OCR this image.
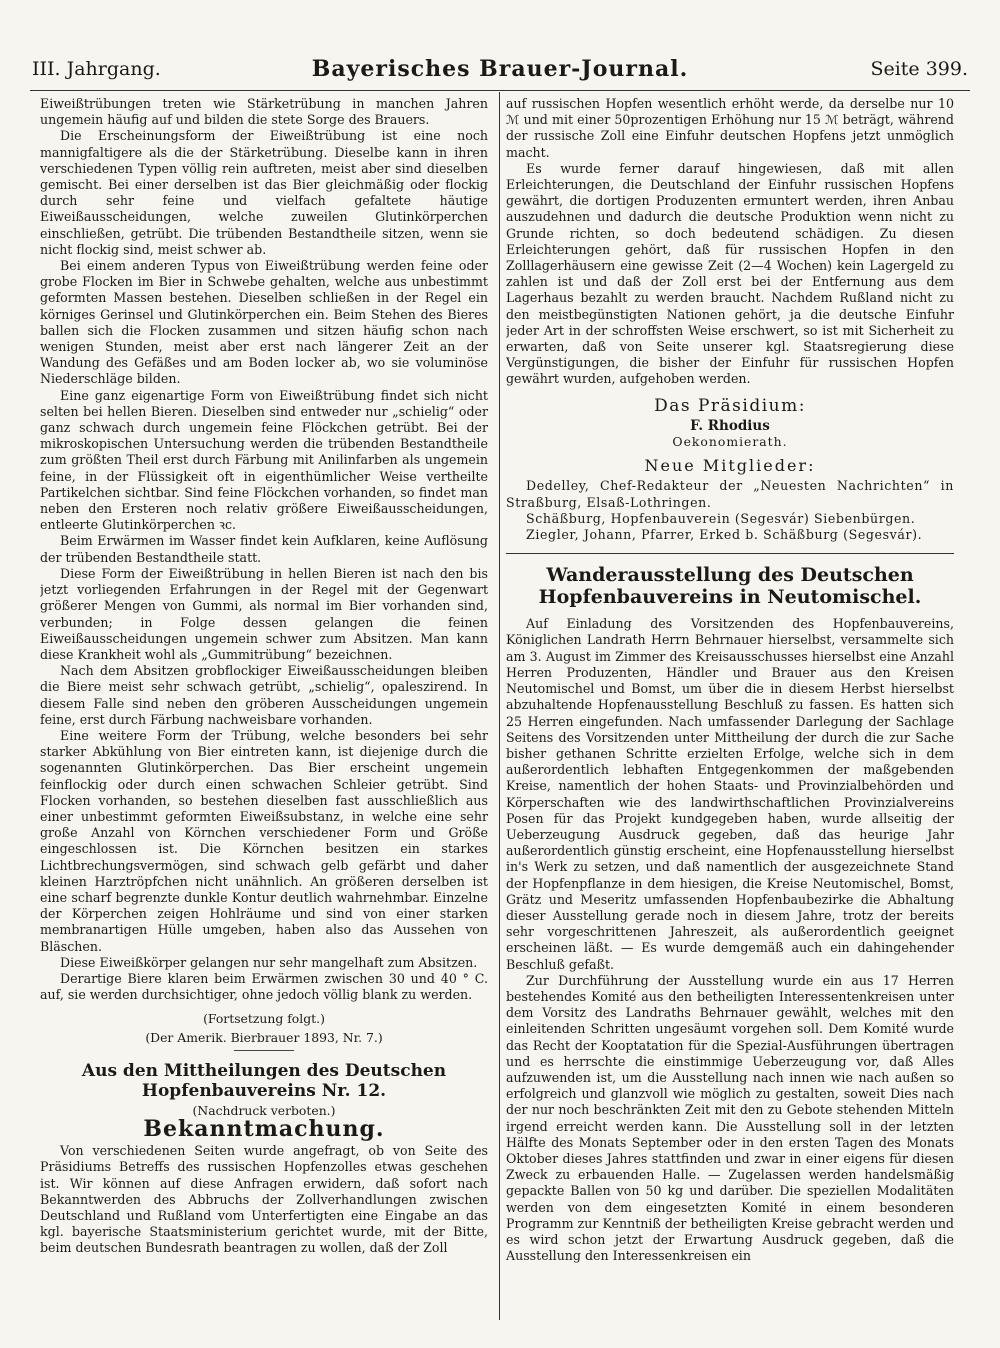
III. Jahrgang.	Bayerisches Brauer-Journal.	Seite 399.

Eiweißtrübungen treten wie Stärketrübung in manchen Jahren ungemein häufig auf und bilden die stete Sorge des Brauers.

Die Erscheinungsform der Eiweißtrübung ist eine noch mannigfaltigere als die der Stärketrübung. Dieselbe kann in ihren verschiedenen Typen völlig rein auftreten, meist aber sind dieselben gemischt. Bei einer derselben ist das Bier gleichmäßig oder flockig durch sehr feine und vielfach gefaltete häutige Eiweißausscheidungen, welche zuweilen Glutinkörperchen einschließen, getrübt. Die trübenden Bestandtheile sitzen, wenn sie nicht flockig sind, meist schwer ab.

Bei einem anderen Typus von Eiweißtrübung werden feine oder grobe Flocken im Bier in Schwebe gehalten, welche aus unbestimmt geformten Massen bestehen. Dieselben schließen in der Regel ein körniges Gerinsel und Glutinkörperchen ein. Beim Stehen des Bieres ballen sich die Flocken zusammen und sitzen häufig schon nach wenigen Stunden, meist aber erst nach längerer Zeit an der Wandung des Gefäßes und am Boden locker ab, wo sie voluminöse Niederschläge bilden.

Eine ganz eigenartige Form von Eiweißtrübung findet sich nicht selten bei hellen Bieren. Dieselben sind entweder nur „schielig“ oder ganz schwach durch ungemein feine Flöckchen getrübt. Bei der mikroskopischen Untersuchung werden die trübenden Bestandtheile zum größten Theil erst durch Färbung mit Anilinfarben als ungemein feine, in der Flüssigkeit oft in eigenthümlicher Weise vertheilte Partikelchen sichtbar. Sind feine Flöckchen vorhanden, so findet man neben den Ersteren noch relativ größere Eiweißausscheidungen, entleerte Glutinkörperchen ꝛc.

Beim Erwärmen im Wasser findet kein Aufklaren, keine Auflösung der trübenden Bestandtheile statt.

Diese Form der Eiweißtrübung in hellen Bieren ist nach den bis jetzt vorliegenden Erfahrungen in der Regel mit der Gegenwart größerer Mengen von Gummi, als normal im Bier vorhanden sind, verbunden; in Folge dessen gelangen die feinen Eiweißausscheidungen ungemein schwer zum Absitzen. Man kann diese Krankheit wohl als „Gummitrübung“ bezeichnen.

Nach dem Absitzen grobflockiger Eiweißausscheidungen bleiben die Biere meist sehr schwach getrübt, „schielig“, opaleszirend. In diesem Falle sind neben den gröberen Ausscheidungen ungemein feine, erst durch Färbung nachweisbare vorhanden.

Eine weitere Form der Trübung, welche besonders bei sehr starker Abkühlung von Bier eintreten kann, ist diejenige durch die sogenannten Glutinkörperchen. Das Bier erscheint ungemein feinflockig oder durch einen schwachen Schleier getrübt. Sind Flocken vorhanden, so bestehen dieselben fast ausschließlich aus einer unbestimmt geformten Eiweißsubstanz, in welche eine sehr große Anzahl von Körnchen verschiedener Form und Größe eingeschlossen ist. Die Körnchen besitzen ein starkes Lichtbrechungsvermögen, sind schwach gelb gefärbt und daher kleinen Harztröpfchen nicht unähnlich. An größeren derselben ist eine scharf begrenzte dunkle Kontur deutlich wahrnehmbar. Einzelne der Körperchen zeigen Hohlräume und sind von einer starken membranartigen Hülle umgeben, haben also das Aussehen von Bläschen.

Diese Eiweißkörper gelangen nur sehr mangelhaft zum Absitzen.

Derartige Biere klaren beim Erwärmen zwischen 30 und 40 ° C. auf, sie werden durchsichtiger, ohne jedoch völlig blank zu werden.

(Fortsetzung folgt.)
(Der Amerik. Bierbrauer 1893, Nr. 7.)
Aus den Mittheilungen des Deutschen Hopfenbauvereins Nr. 12.
(Nachdruck verboten.)
Bekanntmachung.

Von verschiedenen Seiten wurde angefragt, ob von Seite des Präsidiums Betreffs des russischen Hopfenzolles etwas geschehen ist. Wir können auf diese Anfragen erwidern, daß sofort nach Bekanntwerden des Abbruchs der Zollverhandlungen zwischen Deutschland und Rußland vom Unterfertigten eine Eingabe an das kgl. bayerische Staatsministerium gerichtet wurde, mit der Bitte, beim deutschen Bundesrath beantragen zu wollen, daß der Zoll

auf russischen Hopfen wesentlich erhöht werde, da derselbe nur 10 ℳ und mit einer 50prozentigen Erhöhung nur 15 ℳ beträgt, während der russische Zoll eine Einfuhr deutschen Hopfens jetzt unmöglich macht.

Es wurde ferner darauf hingewiesen, daß mit allen Erleichterungen, die Deutschland der Einfuhr russischen Hopfens gewährt, die dortigen Produzenten ermuntert werden, ihren Anbau auszudehnen und dadurch die deutsche Produktion wenn nicht zu Grunde richten, so doch bedeutend schädigen. Zu diesen Erleichterungen gehört, daß für russischen Hopfen in den Zolllagerhäusern eine gewisse Zeit (2—4 Wochen) kein Lagergeld zu zahlen ist und daß der Zoll erst bei der Entfernung aus dem Lagerhaus bezahlt zu werden braucht. Nachdem Rußland nicht zu den meistbegünstigten Nationen gehört, ja die deutsche Einfuhr jeder Art in der schroffsten Weise erschwert, so ist mit Sicherheit zu erwarten, daß von Seite unserer kgl. Staatsregierung diese Vergünstigungen, die bisher der Einfuhr für russischen Hopfen gewährt wurden, aufgehoben werden.

Das Präsidium:
F. Rhodius
Oekonomierath.
Neue Mitglieder:

Dedelley, Chef-Redakteur der „Neuesten Nachrichten“ in Straßburg, Elsaß-Lothringen.

Schäßburg, Hopfenbauverein (Segesvár) Siebenbürgen.

Ziegler, Johann, Pfarrer, Erked b. Schäßburg (Segesvár).

Wanderausstellung des Deutschen Hopfenbauvereins in Neutomischel.

Auf Einladung des Vorsitzenden des Hopfenbauvereins, Königlichen Landrath Herrn Behrnauer hierselbst, versammelte sich am 3. August im Zimmer des Kreisausschusses hierselbst eine Anzahl Herren Produzenten, Händler und Brauer aus den Kreisen Neutomischel und Bomst, um über die in diesem Herbst hierselbst abzuhaltende Hopfenausstellung Beschluß zu fassen. Es hatten sich 25 Herren eingefunden. Nach umfassender Darlegung der Sachlage Seitens des Vorsitzenden unter Mittheilung der durch die zur Sache bisher gethanen Schritte erzielten Erfolge, welche sich in dem außerordentlich lebhaften Entgegenkommen der maßgebenden Kreise, namentlich der hohen Staats- und Provinzialbehörden und Körperschaften wie des landwirthschaftlichen Provinzialvereins Posen für das Projekt kundgegeben haben, wurde allseitig der Ueberzeugung Ausdruck gegeben, daß das heurige Jahr außerordentlich günstig erscheint, eine Hopfenausstellung hierselbst in's Werk zu setzen, und daß namentlich der ausgezeichnete Stand der Hopfenpflanze in dem hiesigen, die Kreise Neutomischel, Bomst, Grätz und Meseritz umfassenden Hopfenbaubezirke die Abhaltung dieser Ausstellung gerade noch in diesem Jahre, trotz der bereits sehr vorgeschrittenen Jahreszeit, als außerordentlich geeignet erscheinen läßt. — Es wurde demgemäß auch ein dahingehender Beschluß gefaßt.

Zur Durchführung der Ausstellung wurde ein aus 17 Herren bestehendes Komité aus den betheiligten Interessentenkreisen unter dem Vorsitz des Landraths Behrnauer gewählt, welches mit den einleitenden Schritten ungesäumt vorgehen soll. Dem Komité wurde das Recht der Kooptatation für die Spezial-Ausführungen übertragen und es herrschte die einstimmige Ueberzeugung vor, daß Alles aufzuwenden ist, um die Ausstellung nach innen wie nach außen so erfolgreich und glanzvoll wie möglich zu gestalten, soweit Dies nach der nur noch beschränkten Zeit mit den zu Gebote stehenden Mitteln irgend erreicht werden kann. Die Ausstellung soll in der letzten Hälfte des Monats September oder in den ersten Tagen des Monats Oktober dieses Jahres stattfinden und zwar in einer eigens für diesen Zweck zu erbauenden Halle. — Zugelassen werden handelsmäßig gepackte Ballen von 50 kg und darüber. Die speziellen Modalitäten werden von dem eingesetzten Komité in einem besonderen Programm zur Kenntniß der betheiligten Kreise gebracht werden und es wird schon jetzt der Erwartung Ausdruck gegeben, daß die Ausstellung den Interessenkreisen ein
